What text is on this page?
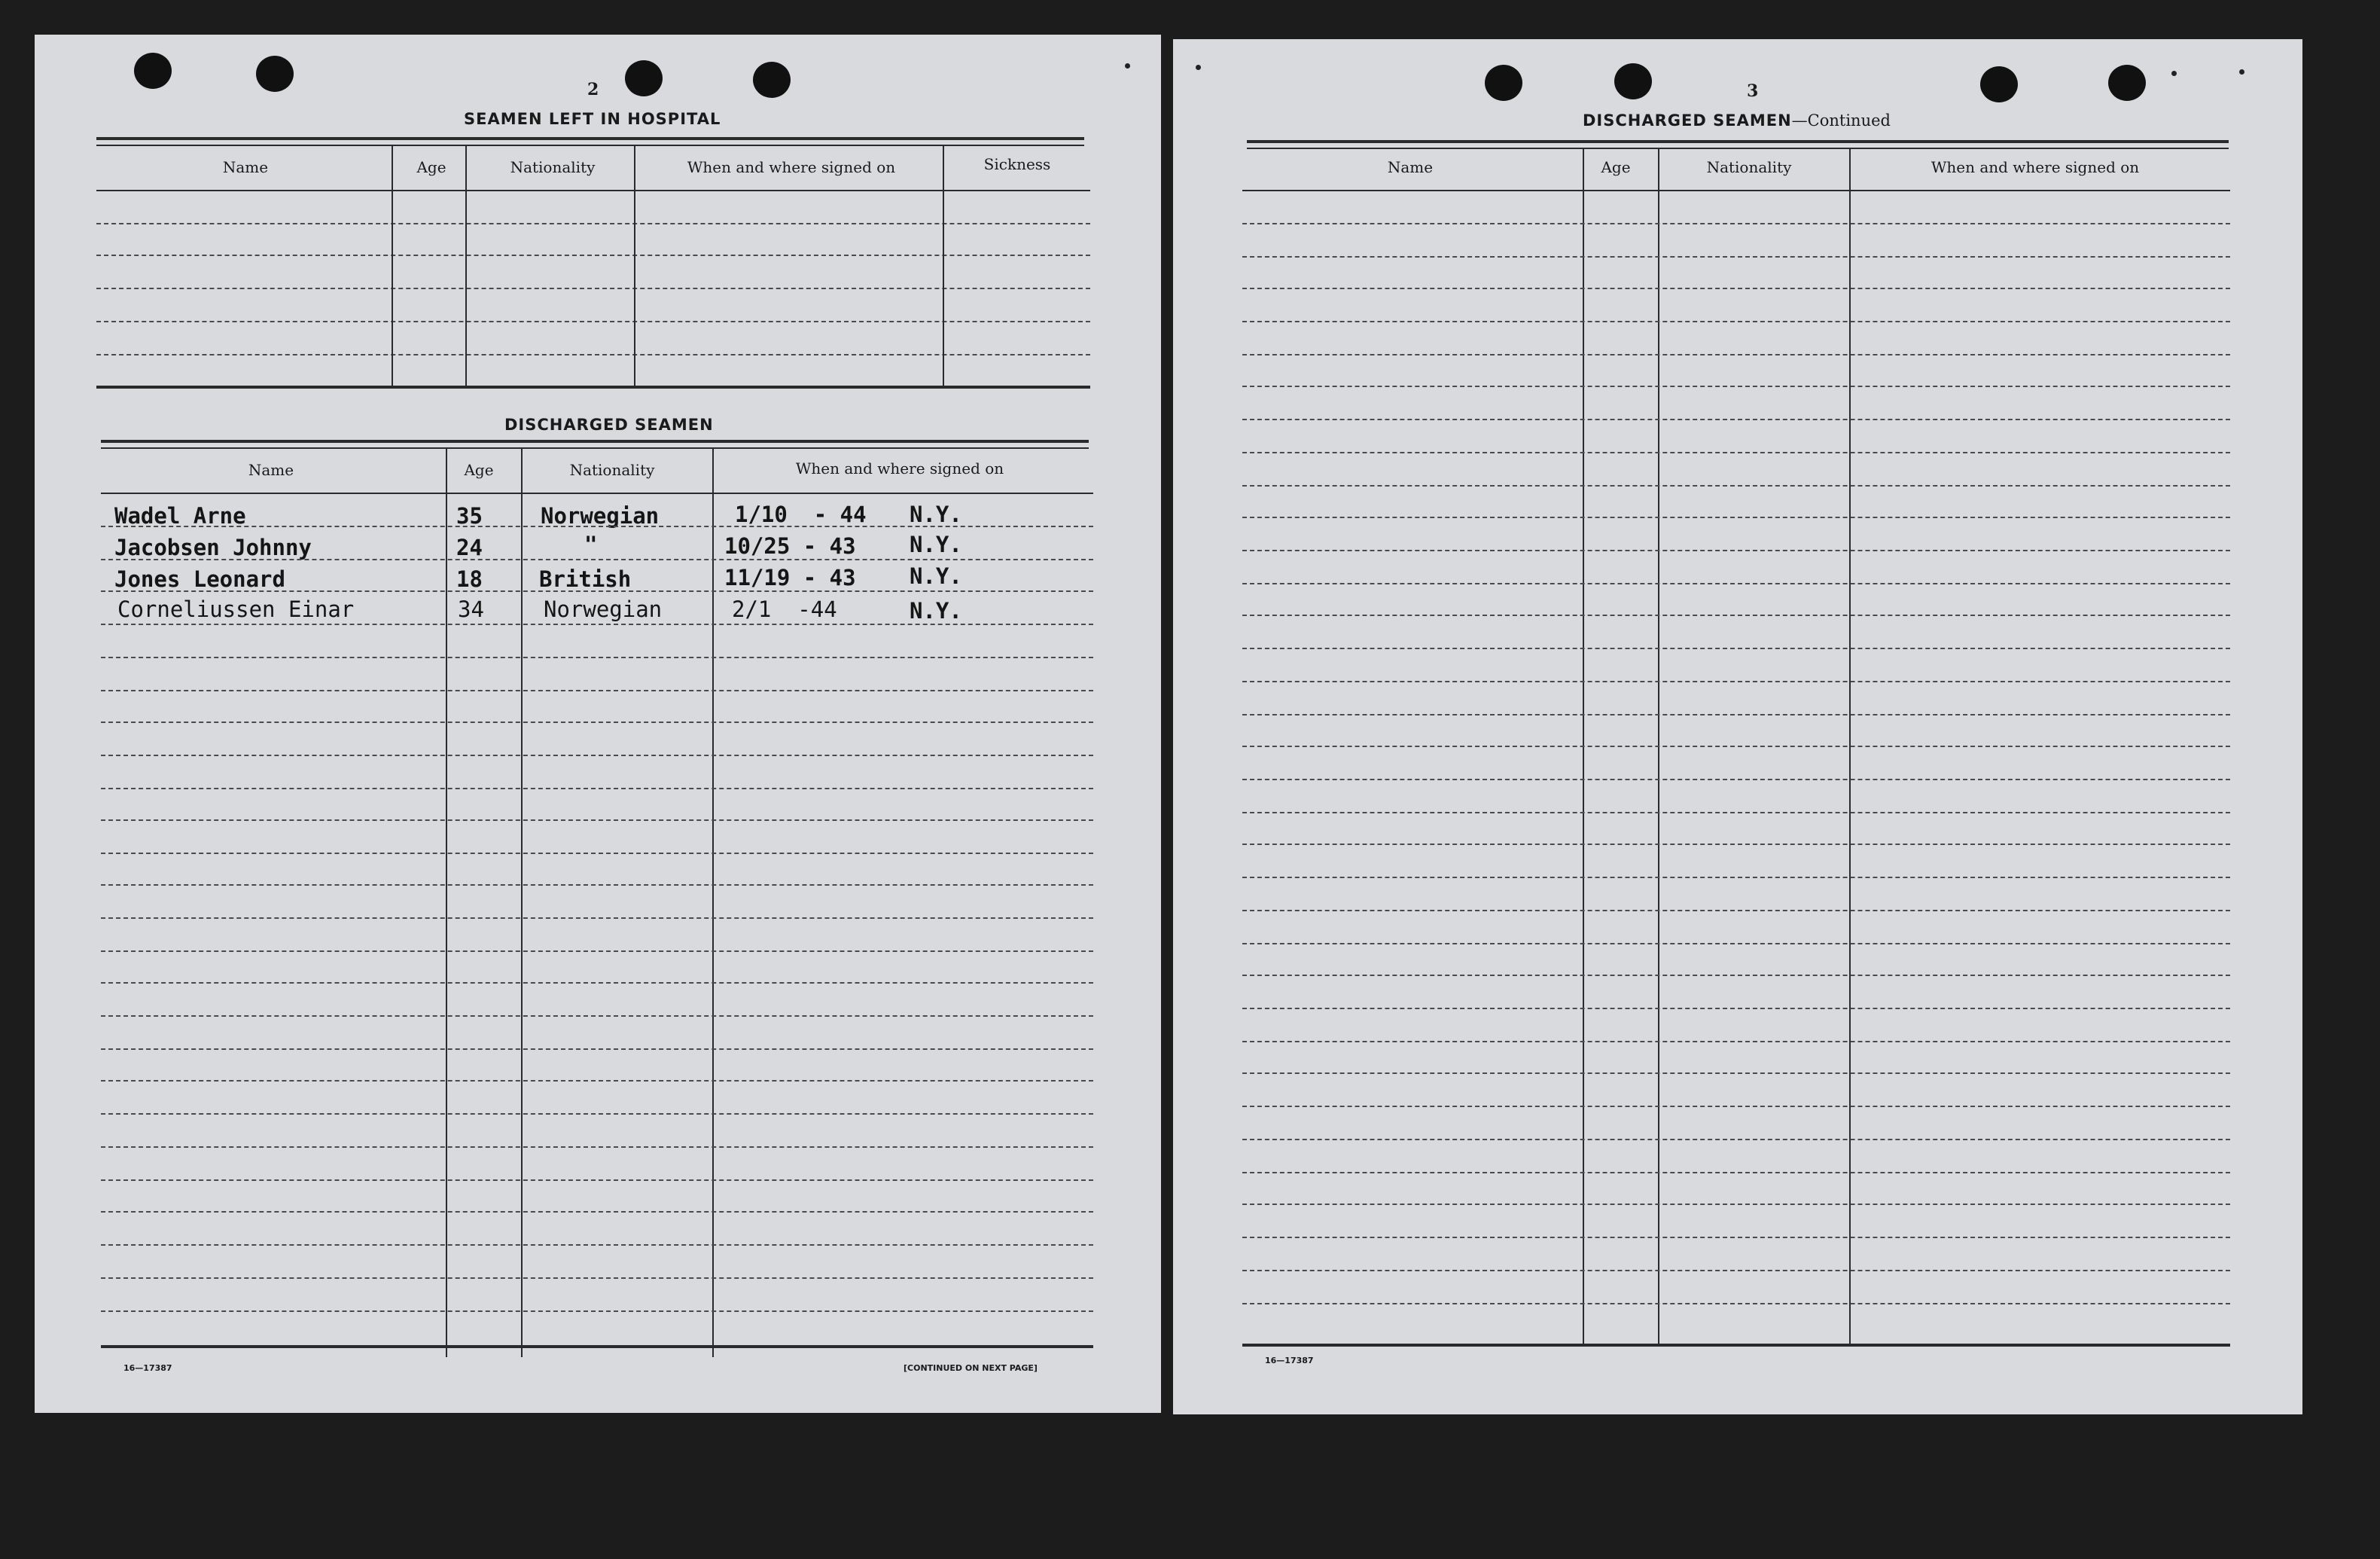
2
SEAMEN LEFT IN HOSPITAL
Name	Age	Nationality	When and where signed on	Sickness
DISCHARGED SEAMEN
Name	Age	Nationality	When and where signed on
Wadel Arne	35	Norwegian	1/10  - 44 N.Y.
Jacobsen Johnny	24	"	10/25 - 43 N.Y.
Jones Leonard	18	British	11/19 - 43 N.Y.
Corneliussen Einar	34	Norwegian	2/1  -44	N.Y.
16—17387	[CONTINUED ON NEXT PAGE]
3
DISCHARGED SEAMEN—Continued
Name	Age	Nationality	When and where signed on
16—17387
